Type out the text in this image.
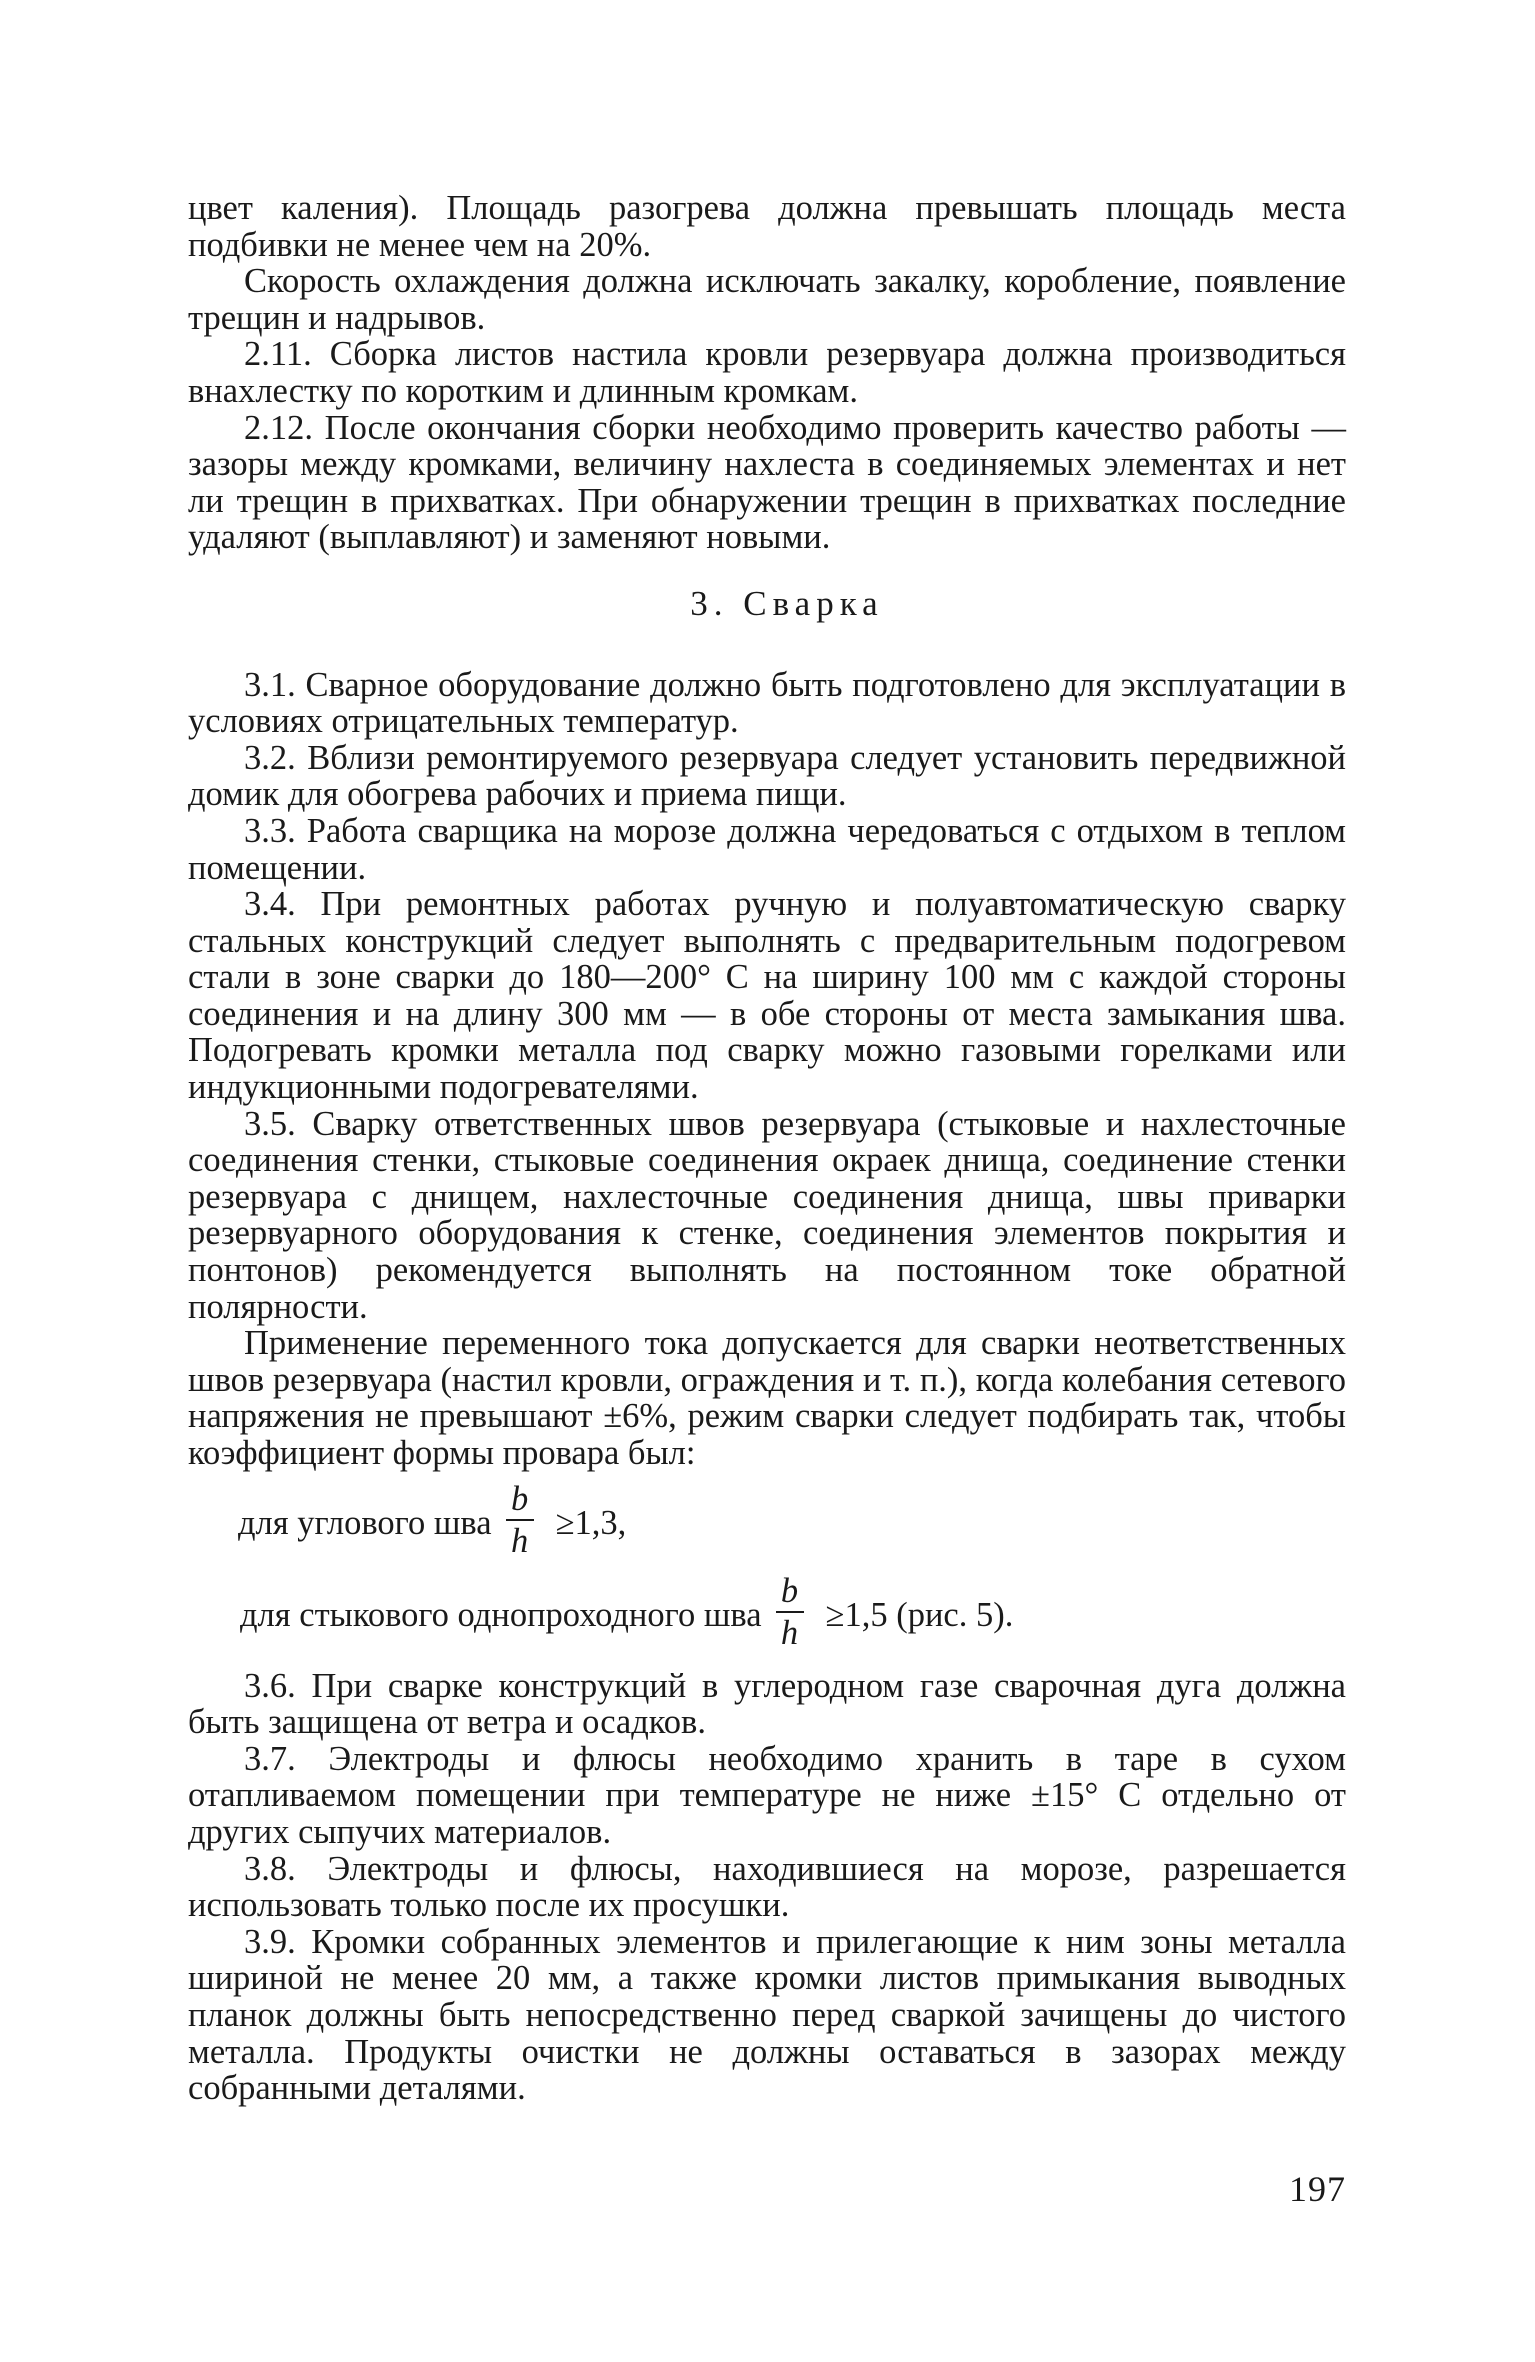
цвет каления). Площадь разогрева должна превышать площадь места подбивки не менее чем на 20%.

Скорость охлаждения должна исключать закалку, коробление, появление трещин и надрывов.

2.11. Сборка листов настила кровли резервуара должна производиться внахлестку по коротким и длинным кромкам.

2.12. После окончания сборки необходимо проверить качество работы — зазоры между кромками, величину нахлеста в соединяемых элементах и нет ли трещин в прихватках. При обнаружении трещин в прихватках последние удаляют (выплавляют) и заменяют новыми.

3. Сварка

3.1. Сварное оборудование должно быть подготовлено для эксплуатации в условиях отрицательных температур.

3.2. Вблизи ремонтируемого резервуара следует установить передвижной домик для обогрева рабочих и приема пищи.

3.3. Работа сварщика на морозе должна чередоваться с отдыхом в теплом помещении.

3.4. При ремонтных работах ручную и полуавтоматическую сварку стальных конструкций следует выполнять с предварительным подогревом стали в зоне сварки до 180—200° С на ширину 100 мм с каждой стороны соединения и на длину 300 мм — в обе стороны от места замыкания шва. Подогревать кромки металла под сварку можно газовыми горелками или индукционными подогревателями.

3.5. Сварку ответственных швов резервуара (стыковые и нахлесточные соединения стенки, стыковые соединения окраек днища, соединение стенки резервуара с днищем, нахлесточные соединения днища, швы приварки резервуарного оборудования к стенке, соединения элементов покрытия и понтонов) рекомендуется выполнять на постоянном токе обратной полярности.

Применение переменного тока допускается для сварки неответственных швов резервуара (настил кровли, ограждения и т. п.), когда колебания сетевого напряжения не превышают ±6%, режим сварки следует подбирать так, чтобы коэффициент формы провара был:

для углового шва $\frac{b}{h} \ge 1,3$,
для стыкового однопроходного шва $\frac{b}{h} \ge 1,5$ (рис. 5).

3.6. При сварке конструкций в углеродном газе сварочная дуга должна быть защищена от ветра и осадков.

3.7. Электроды и флюсы необходимо хранить в таре в сухом отапливаемом помещении при температуре не ниже ±15° С отдельно от других сыпучих материалов.

3.8. Электроды и флюсы, находившиеся на морозе, разрешается использовать только после их просушки.

3.9. Кромки собранных элементов и прилегающие к ним зоны металла шириной не менее 20 мм, а также кромки листов примыкания выводных планок должны быть непосредственно перед сваркой зачищены до чистого металла. Продукты очистки не должны оставаться в зазорах между собранными деталями.

197
